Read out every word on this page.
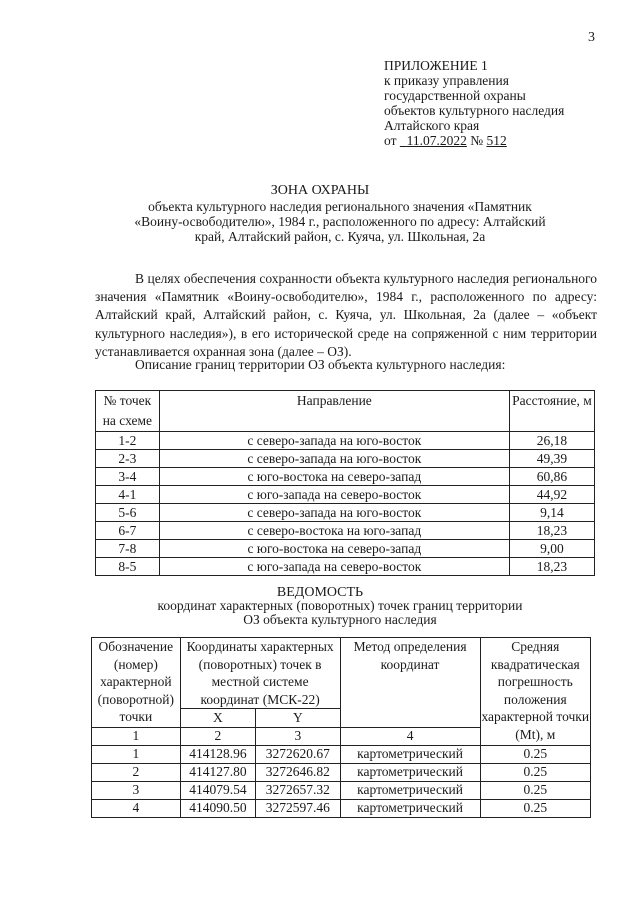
3
ПРИЛОЖЕНИЕ 1
к приказу управления
государственной охраны
объектов культурного наследия
Алтайского края
от 11.07.2022 № 512
ЗОНА ОХРАНЫ
объекта культурного наследия регионального значения «Памятник «Воину-освободителю», 1984 г., расположенного по адресу: Алтайский край, Алтайский район, с. Куяча, ул. Школьная, 2а

В целях обеспечения сохранности объекта культурного наследия регионального значения «Памятник «Воину-освободителю», 1984 г., расположенного по адресу: Алтайский край, Алтайский район, с. Куяча, ул. Школьная, 2а (далее – «объект культурного наследия»), в его исторической среде на сопряженной с ним территории устанавливается охранная зона (далее – ОЗ).

Описание границ территории ОЗ объекта культурного наследия:
№ точек на схеме	Направление	Расстояние, м
1-2	с северо-запада на юго-восток	26,18
2-3	с северо-запада на юго-восток	49,39
3-4	с юго-востока на северо-запад	60,86
4-1	с юго-запада на северо-восток	44,92
5-6	с северо-запада на юго-восток	9,14
6-7	с северо-востока на юго-запад	18,23
7-8	с юго-востока на северо-запад	9,00
8-5	с юго-запада на северо-восток	18,23
ВЕДОМОСТЬ
координат характерных (поворотных) точек границ территории ОЗ объекта культурного наследия
Обозначение (номер) характерной (поворотной) точки	Координаты характерных (поворотных) точек в местной системе координат (МСК-22)		Метод определения координат	Средняя квадратическая погрешность положения характерной точки (Mt), м
	X	Y		
1	2	3	4	
1	414128.96	3272620.67	картометрический	0.25
2	414127.80	3272646.82	картометрический	0.25
3	414079.54	3272657.32	картометрический	0.25
4	414090.50	3272597.46	картометрический	0.25
